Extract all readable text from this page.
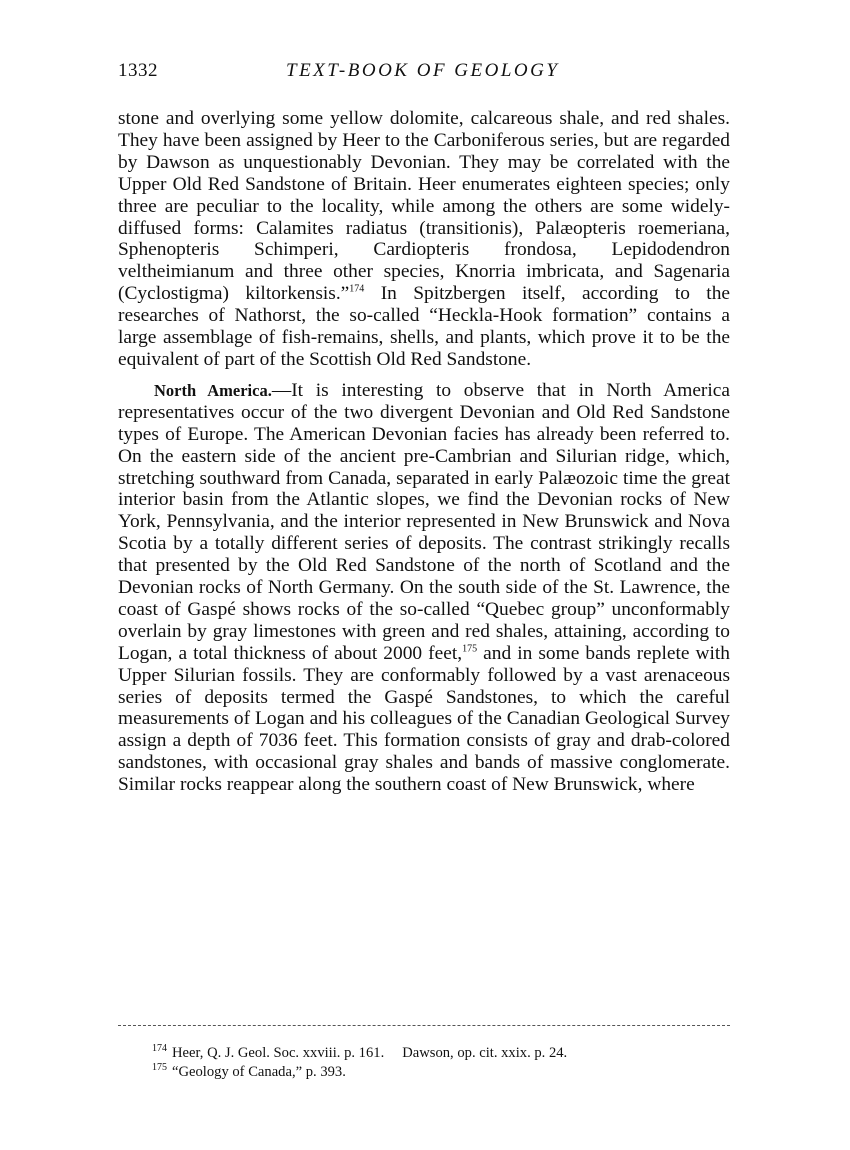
1332	TEXT-BOOK OF GEOLOGY

stone and overlying some yellow dolomite, calcareous shale, and red shales. They have been assigned by Heer to the Carboniferous series, but are regarded by Dawson as unquestionably Devonian. They may be correlated with the Upper Old Red Sandstone of Britain. Heer enumerates eighteen species; only three are peculiar to the locality, while among the others are some widely-diffused forms: Calamites radiatus (transitionis), Palæopteris roemeriana, Sphenopteris Schimperi, Cardiopteris frondosa, Lepidodendron veltheimianum and three other species, Knorria imbricata, and Sagenaria (Cyclostigma) kiltorkensis.”$^{174}$ In Spitzbergen itself, according to the researches of Nathorst, the so-called “Heckla-Hook formation” contains a large assemblage of fish-remains, shells, and plants, which prove it to be the equivalent of part of the Scottish Old Red Sandstone.

North America.—It is interesting to observe that in North America representatives occur of the two divergent Devonian and Old Red Sandstone types of Europe. The American Devonian facies has already been referred to. On the eastern side of the ancient pre-Cambrian and Silurian ridge, which, stretching southward from Canada, separated in early Palæozoic time the great interior basin from the Atlantic slopes, we find the Devonian rocks of New York, Pennsylvania, and the interior represented in New Brunswick and Nova Scotia by a totally different series of deposits. The contrast strikingly recalls that presented by the Old Red Sandstone of the north of Scotland and the Devonian rocks of North Germany. On the south side of the St. Lawrence, the coast of Gaspé shows rocks of the so-called “Quebec group” unconformably overlain by gray limestones with green and red shales, attaining, according to Logan, a total thickness of about 2000 feet,$^{175}$ and in some bands replete with Upper Silurian fossils. They are conformably followed by a vast arenaceous series of deposits termed the Gaspé Sandstones, to which the careful measurements of Logan and his colleagues of the Canadian Geological Survey assign a depth of 7036 feet. This formation consists of gray and drab-colored sandstones, with occasional gray shales and bands of massive conglomerate. Similar rocks reappear along the southern coast of New Brunswick, where

$^{174}$ Heer, Q. J. Geol. Soc. xxviii. p. 161. Dawson, op. cit. xxix. p. 24.
$^{175}$ “Geology of Canada,” p. 393.
